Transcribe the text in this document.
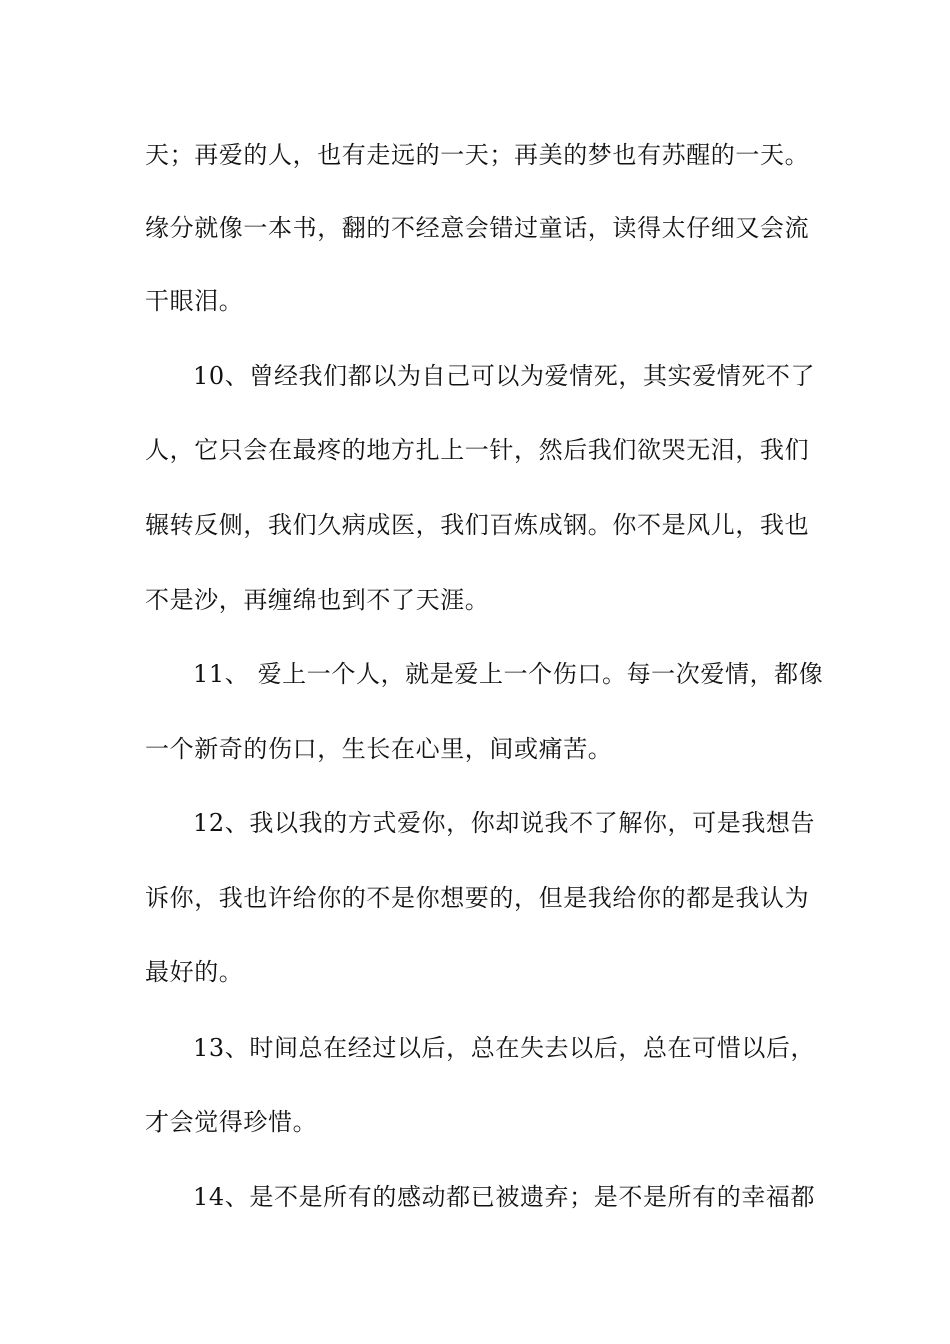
天；再爱的人，也有走远的一天；再美的梦也有苏醒的一天。
缘分就像一本书，翻的不经意会错过童话，读得太仔细又会流
干眼泪。
10、曾经我们都以为自己可以为爱情死，其实爱情死不了
人，它只会在最疼的地方扎上一针，然后我们欲哭无泪，我们
辗转反侧，我们久病成医，我们百炼成钢。你不是风儿，我也
不是沙，再缠绵也到不了天涯。
11、 爱上一个人，就是爱上一个伤口。每一次爱情，都像
一个新奇的伤口，生长在心里，间或痛苦。
12、我以我的方式爱你，你却说我不了解你，可是我想告
诉你，我也许给你的不是你想要的，但是我给你的都是我认为
最好的。
13、时间总在经过以后，总在失去以后，总在可惜以后，
才会觉得珍惜。
14、是不是所有的感动都已被遗弃；是不是所有的幸福都
